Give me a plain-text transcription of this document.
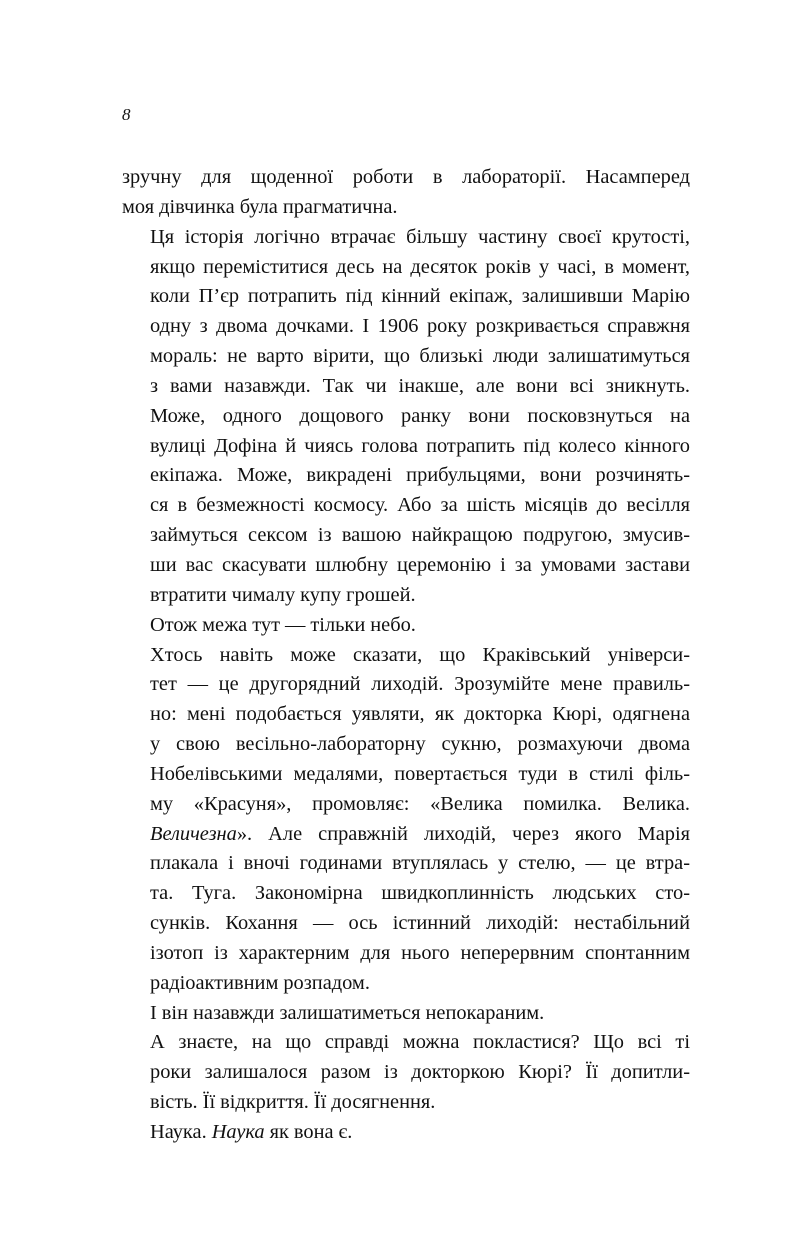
8

зручну для щоденної роботи в лабораторії. Насамперед
моя дівчинка була прагматична.

Ця історія логічно втрачає більшу частину своєї крутості,
якщо переміститися десь на десяток років у часі, в момент,
коли П’єр потрапить під кінний екіпаж, залишивши Марію
одну з двома дочками. І 1906 року розкривається справжня
мораль: не варто вірити, що близькі люди залишатимуться
з вами назавжди. Так чи інакше, але вони всі зникнуть.
Може, одного дощового ранку вони посковзнуться на
вулиці Дофіна й чиясь голова потрапить під колесо кінного
екіпажа. Може, викрадені прибульцями, вони розчинять-
ся в безмежності космосу. Або за шість місяців до весілля
займуться сексом із вашою найкращою подругою, змусив-
ши вас скасувати шлюбну церемонію і за умовами застави
втратити чималу купу грошей.

Отож межа тут — тільки небо.

Хтось навіть може сказати, що Краківський універси-
тет — це другорядний лиходій. Зрозумійте мене правиль-
но: мені подобається уявляти, як докторка Кюрі, одягнена
у свою весільно-лабораторну сукню, розмахуючи двома
Нобелівськими медалями, повертається туди в стилі філь-
му «Красуня», промовляє: «Велика помилка. Велика.
Величезна». Але справжній лиходій, через якого Марія
плакала і вночі годинами втуплялась у стелю, — це втра-
та. Туга. Закономірна швидкоплинність людських сто-
сунків. Кохання — ось істинний лиходій: нестабільний
ізотоп із характерним для нього неперервним спонтанним
радіоактивним розпадом.

І він назавжди залишатиметься непокараним.

А знаєте, на що справді можна покластися? Що всі ті
роки залишалося разом із докторкою Кюрі? Її допитли-
вість. Її відкриття. Її досягнення.

Наука. Наука як вона є.
